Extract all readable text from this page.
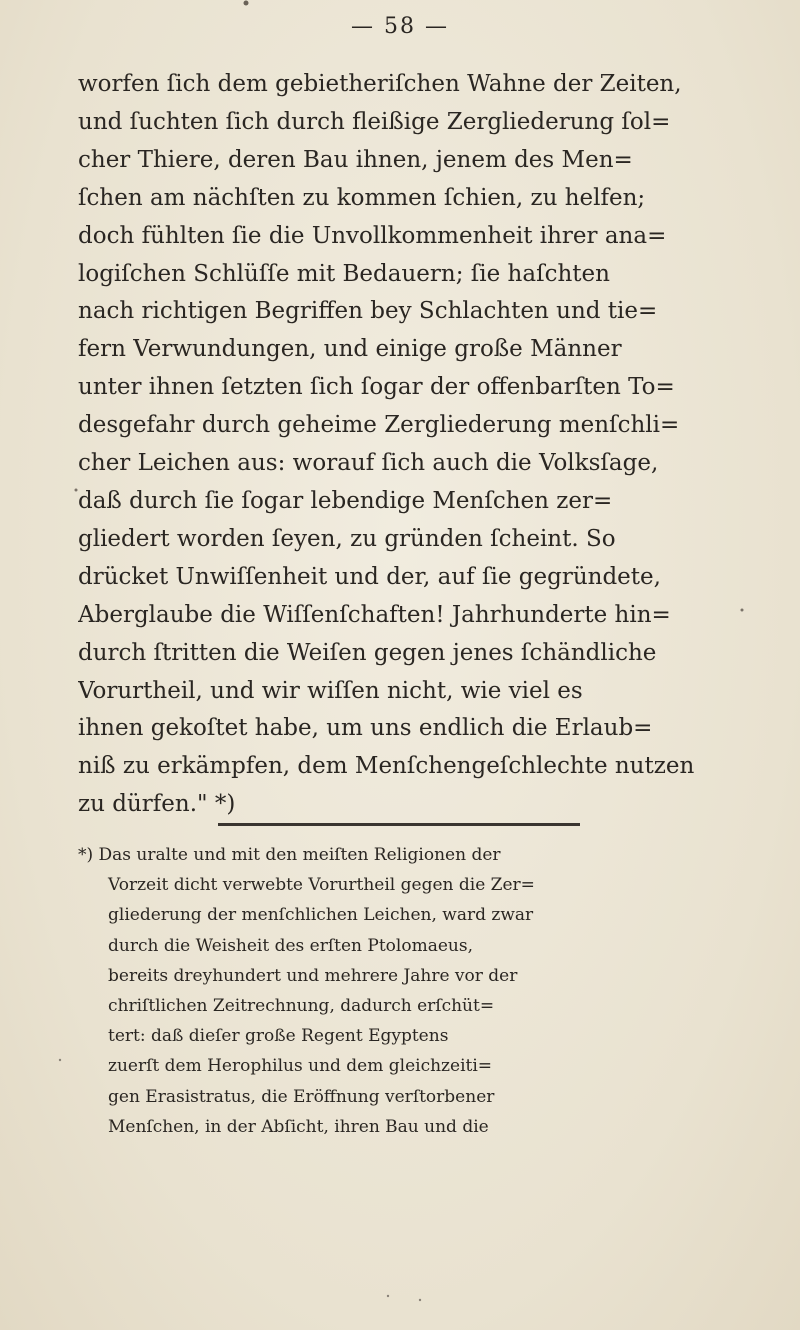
— 58 —

worfen ſich dem gebietheriſchen Wahne der Zeiten,
und ſuchten ſich durch fleißige Zergliederung ſol=
cher Thiere, deren Bau ihnen, jenem des Men=
ſchen am nächſten zu kommen ſchien, zu helfen;
doch fühlten ſie die Unvollkommenheit ihrer ana=
logiſchen Schlüſſe mit Bedauern; ſie haſchten
nach richtigen Begriffen bey Schlachten und tie=
fern Verwundungen, und einige große Männer
unter ihnen ſetzten ſich ſogar der offenbarſten To=
desgefahr durch geheime Zergliederung menſchli=
cher Leichen aus: worauf ſich auch die Volksſage,
daß durch ſie ſogar lebendige Menſchen zer=
gliedert worden ſeyen, zu gründen ſcheint. So
drücket Unwiſſenheit und der, auf ſie gegründete,
Aberglaube die Wiſſenſchaften! Jahrhunderte hin=
durch ſtritten die Weiſen gegen jenes ſchändliche
Vorurtheil, und wir wiſſen nicht, wie viel es
ihnen gekoſtet habe, um uns endlich die Erlaub=
niß zu erkämpfen, dem Menſchengeſchlechte nutzen
zu dürfen." *)

*) Das uralte und mit den meiſten Religionen der
Vorzeit dicht verwebte Vorurtheil gegen die Zer=
gliederung der menſchlichen Leichen, ward zwar
durch die Weisheit des erſten Ptolomaeus,
bereits dreyhundert und mehrere Jahre vor der
chriſtlichen Zeitrechnung, dadurch erſchüt=
tert: daß dieſer große Regent Egyptens
zuerſt dem Herophilus und dem gleichzeiti=
gen Erasistratus, die Eröffnung verſtorbener
Menſchen, in der Abſicht, ihren Bau und die
